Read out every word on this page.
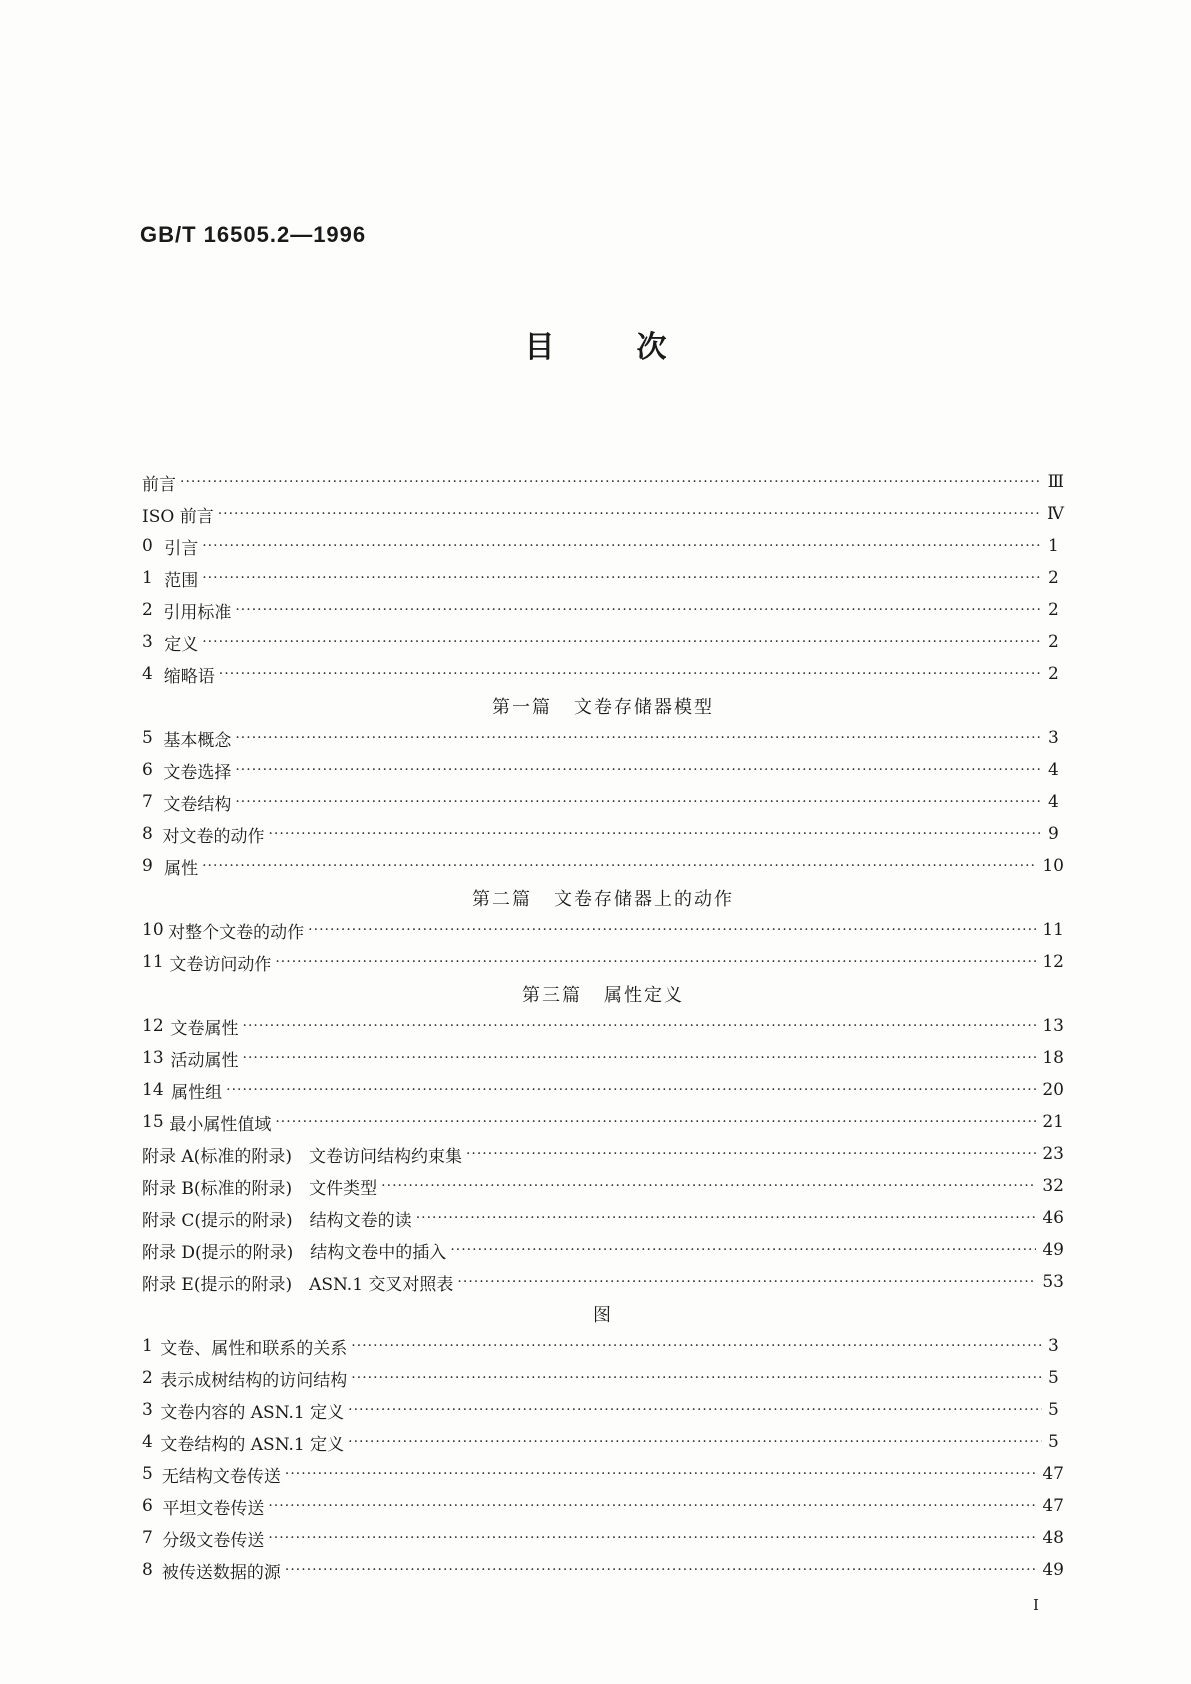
GB/T 16505.2—1996
目次
前言 ·····	Ⅲ
ISO 前言 ·····	Ⅳ
0 引言 ·····	1
1 范围 ·····	2
2 引用标准 ·····	2
3 定义 ·····	2
4 缩略语 ·····	2
第一篇 文卷存储器模型
5 基本概念 ·····	3
6 文卷选择 ·····	4
7 文卷结构 ·····	4
8 对文卷的动作 ·····	9
9 属性 ·····	10
第二篇 文卷存储器上的动作
10 对整个文卷的动作 ·····	11
11 文卷访问动作 ·····	12
第三篇 属性定义
12 文卷属性 ·····	13
13 活动属性 ·····	18
14 属性组 ·····	20
15 最小属性值域 ·····	21
附录 A(标准的附录)　文卷访问结构约束集 ·····	23
附录 B(标准的附录)　文件类型 ·····	32
附录 C(提示的附录)　结构文卷的读 ·····	46
附录 D(提示的附录)　结构文卷中的插入 ·····	49
附录 E(提示的附录)　ASN.1 交叉对照表 ·····	53
图
1 文卷、属性和联系的关系 ·····	3
2 表示成树结构的访问结构 ·····	5
3 文卷内容的 ASN.1 定义 ·····	5
4 文卷结构的 ASN.1 定义 ·····	5
5 无结构文卷传送 ·····	47
6 平坦文卷传送 ·····	47
7 分级文卷传送 ·····	48
8 被传送数据的源 ·····	49
I
